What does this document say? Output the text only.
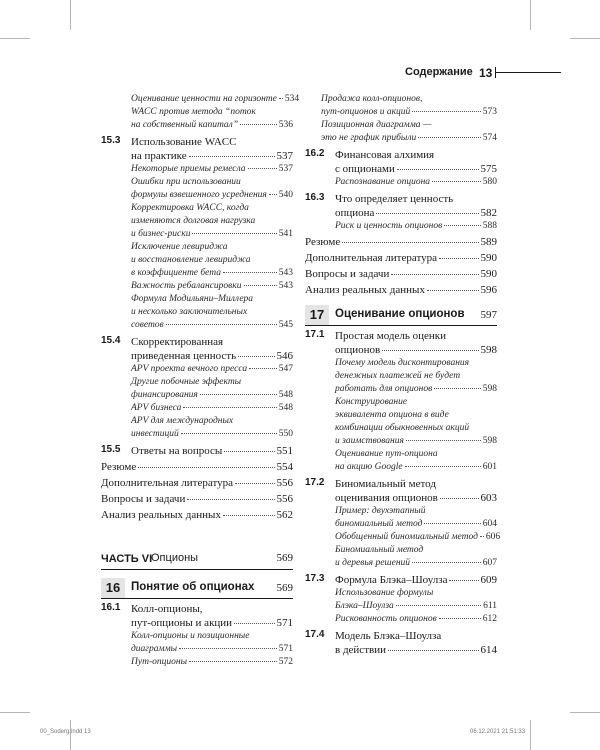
Содержание 13
Оценивание ценности на горизонте 534
WACC против метода “поток
на собственный капитал”	536
15.3 Использование WACC
на практике	537
Некоторые приемы ремесла	537
Ошибки при использовании
формулы взвешенного усреднения 540
Корректировка WACC, когда
изменяются долговая нагрузка
и бизнес-риски	541
Исключение левириджа
и восстановление левириджа
в коэффициенте бета	543
Важность ребалансировки	543
Формула Модильяни–Миллера
и несколько заключительных
советов	545
15.4 Скорректированная
приведенная ценность	546
APV проекта вечного пресса	547
Другие побочные эффекты
финансирования	548
APV бизнеса	548
APV для международных
инвестиций	550
15.5 Ответы на вопросы	551
Резюме	554
Дополнительная литература	556
Вопросы и задачи	556
Анализ реальных данных	562
ЧАСТЬ VI
Опционы	569
16 Понятие об опционах 569
16.1 Колл-опционы,
пут-опционы и акции	571
Колл-опционы и позиционные
диаграммы	571
Пут-опционы	572
Продажа колл-опционов,
пут-опционов и акций	573
Позиционная диаграмма —
это не график прибыли	574
16.2 Финансовая алхимия
с опционами	575
Распознавание опциона	580
16.3 Что определяет ценность
опциона	582
Риск и ценность опционов	588
Резюме	589
Дополнительная литература	590
Вопросы и задачи	590
Анализ реальных данных	596
17 Оценивание опционов 597
17.1 Простая модель оценки
опционов	598
Почему модель дисконтирования
денежных платежей не будет
работать для опционов	598
Конструирование
эквивалента опциона в виде
комбинации обыкновенных акций
и заимствования	598
Оценивание пут-опциона
на акцию Google	601
17.2 Биномиальный метод
оценивания опционов	603
Пример: двухэтапный
биномиальный метод	604
Обобщенный биномиальный метод 606
Биномиальный метод
и деревья решений	607
17.3 Формула Блэка–Шоулза	609
Использование формулы
Блэка–Шоулза	611
Рискованность опционов	612
17.4 Модель Блэка–Шоулза
в действии	614
00_Soderg.indd 13	06.12.2021 21:51:33
